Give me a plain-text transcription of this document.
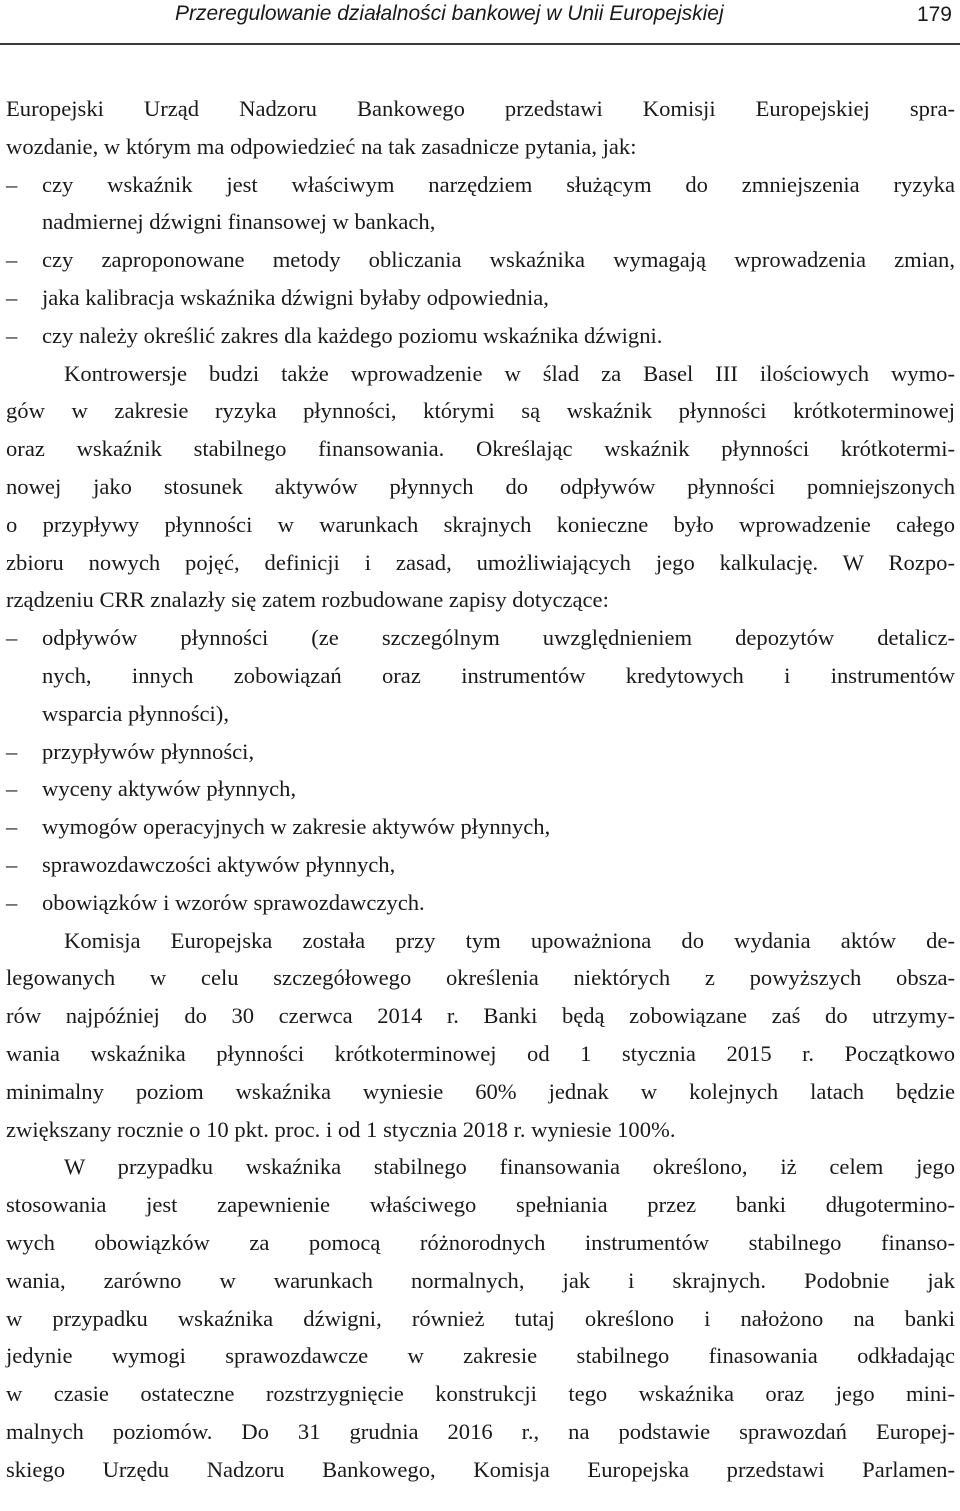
Przeregulowanie działalności bankowej w Unii Europejskiej	179
Europejski Urząd Nadzoru Bankowego przedstawi Komisji Europejskiej spra-
wozdanie, w którym ma odpowiedzieć na tak zasadnicze pytania, jak:
–	czy wskaźnik jest właściwym narzędziem służącym do zmniejszenia ryzyka
nadmiernej dźwigni finansowej w bankach,
–	czy zaproponowane metody obliczania wskaźnika wymagają wprowadzenia zmian,
–	jaka kalibracja wskaźnika dźwigni byłaby odpowiednia,
–	czy należy określić zakres dla każdego poziomu wskaźnika dźwigni.
Kontrowersje budzi także wprowadzenie w ślad za Basel III ilościowych wymo-
gów w zakresie ryzyka płynności, którymi są wskaźnik płynności krótkoterminowej
oraz wskaźnik stabilnego finansowania. Określając wskaźnik płynności krótkotermi-
nowej jako stosunek aktywów płynnych do odpływów płynności pomniejszonych
o przypływy płynności w warunkach skrajnych konieczne było wprowadzenie całego
zbioru nowych pojęć, definicji i zasad, umożliwiających jego kalkulację. W Rozpo-
rządzeniu CRR znalazły się zatem rozbudowane zapisy dotyczące:
–	odpływów płynności (ze szczególnym uwzględnieniem depozytów detalicz-
nych, innych zobowiązań oraz instrumentów kredytowych i instrumentów
wsparcia płynności),
–	przypływów płynności,
–	wyceny aktywów płynnych,
–	wymogów operacyjnych w zakresie aktywów płynnych,
–	sprawozdawczości aktywów płynnych,
–	obowiązków i wzorów sprawozdawczych.
Komisja Europejska została przy tym upoważniona do wydania aktów de-
legowanych w celu szczegółowego określenia niektórych z powyższych obsza-
rów najpóźniej do 30 czerwca 2014 r. Banki będą zobowiązane zaś do utrzymy-
wania wskaźnika płynności krótkoterminowej od 1 stycznia 2015 r. Początkowo
minimalny poziom wskaźnika wyniesie 60% jednak w kolejnych latach będzie
zwiększany rocznie o 10 pkt. proc. i od 1 stycznia 2018 r. wyniesie 100%.
W przypadku wskaźnika stabilnego finansowania określono, iż celem jego
stosowania jest zapewnienie właściwego spełniania przez banki długotermino-
wych obowiązków za pomocą różnorodnych instrumentów stabilnego finanso-
wania, zarówno w warunkach normalnych, jak i skrajnych. Podobnie jak
w przypadku wskaźnika dźwigni, również tutaj określono i nałożono na banki
jedynie wymogi sprawozdawcze w zakresie stabilnego finasowania odkładając
w czasie ostateczne rozstrzygnięcie konstrukcji tego wskaźnika oraz jego mini-
malnych poziomów. Do 31 grudnia 2016 r., na podstawie sprawozdań Europej-
skiego Urzędu Nadzoru Bankowego, Komisja Europejska przedstawi Parlamen-
